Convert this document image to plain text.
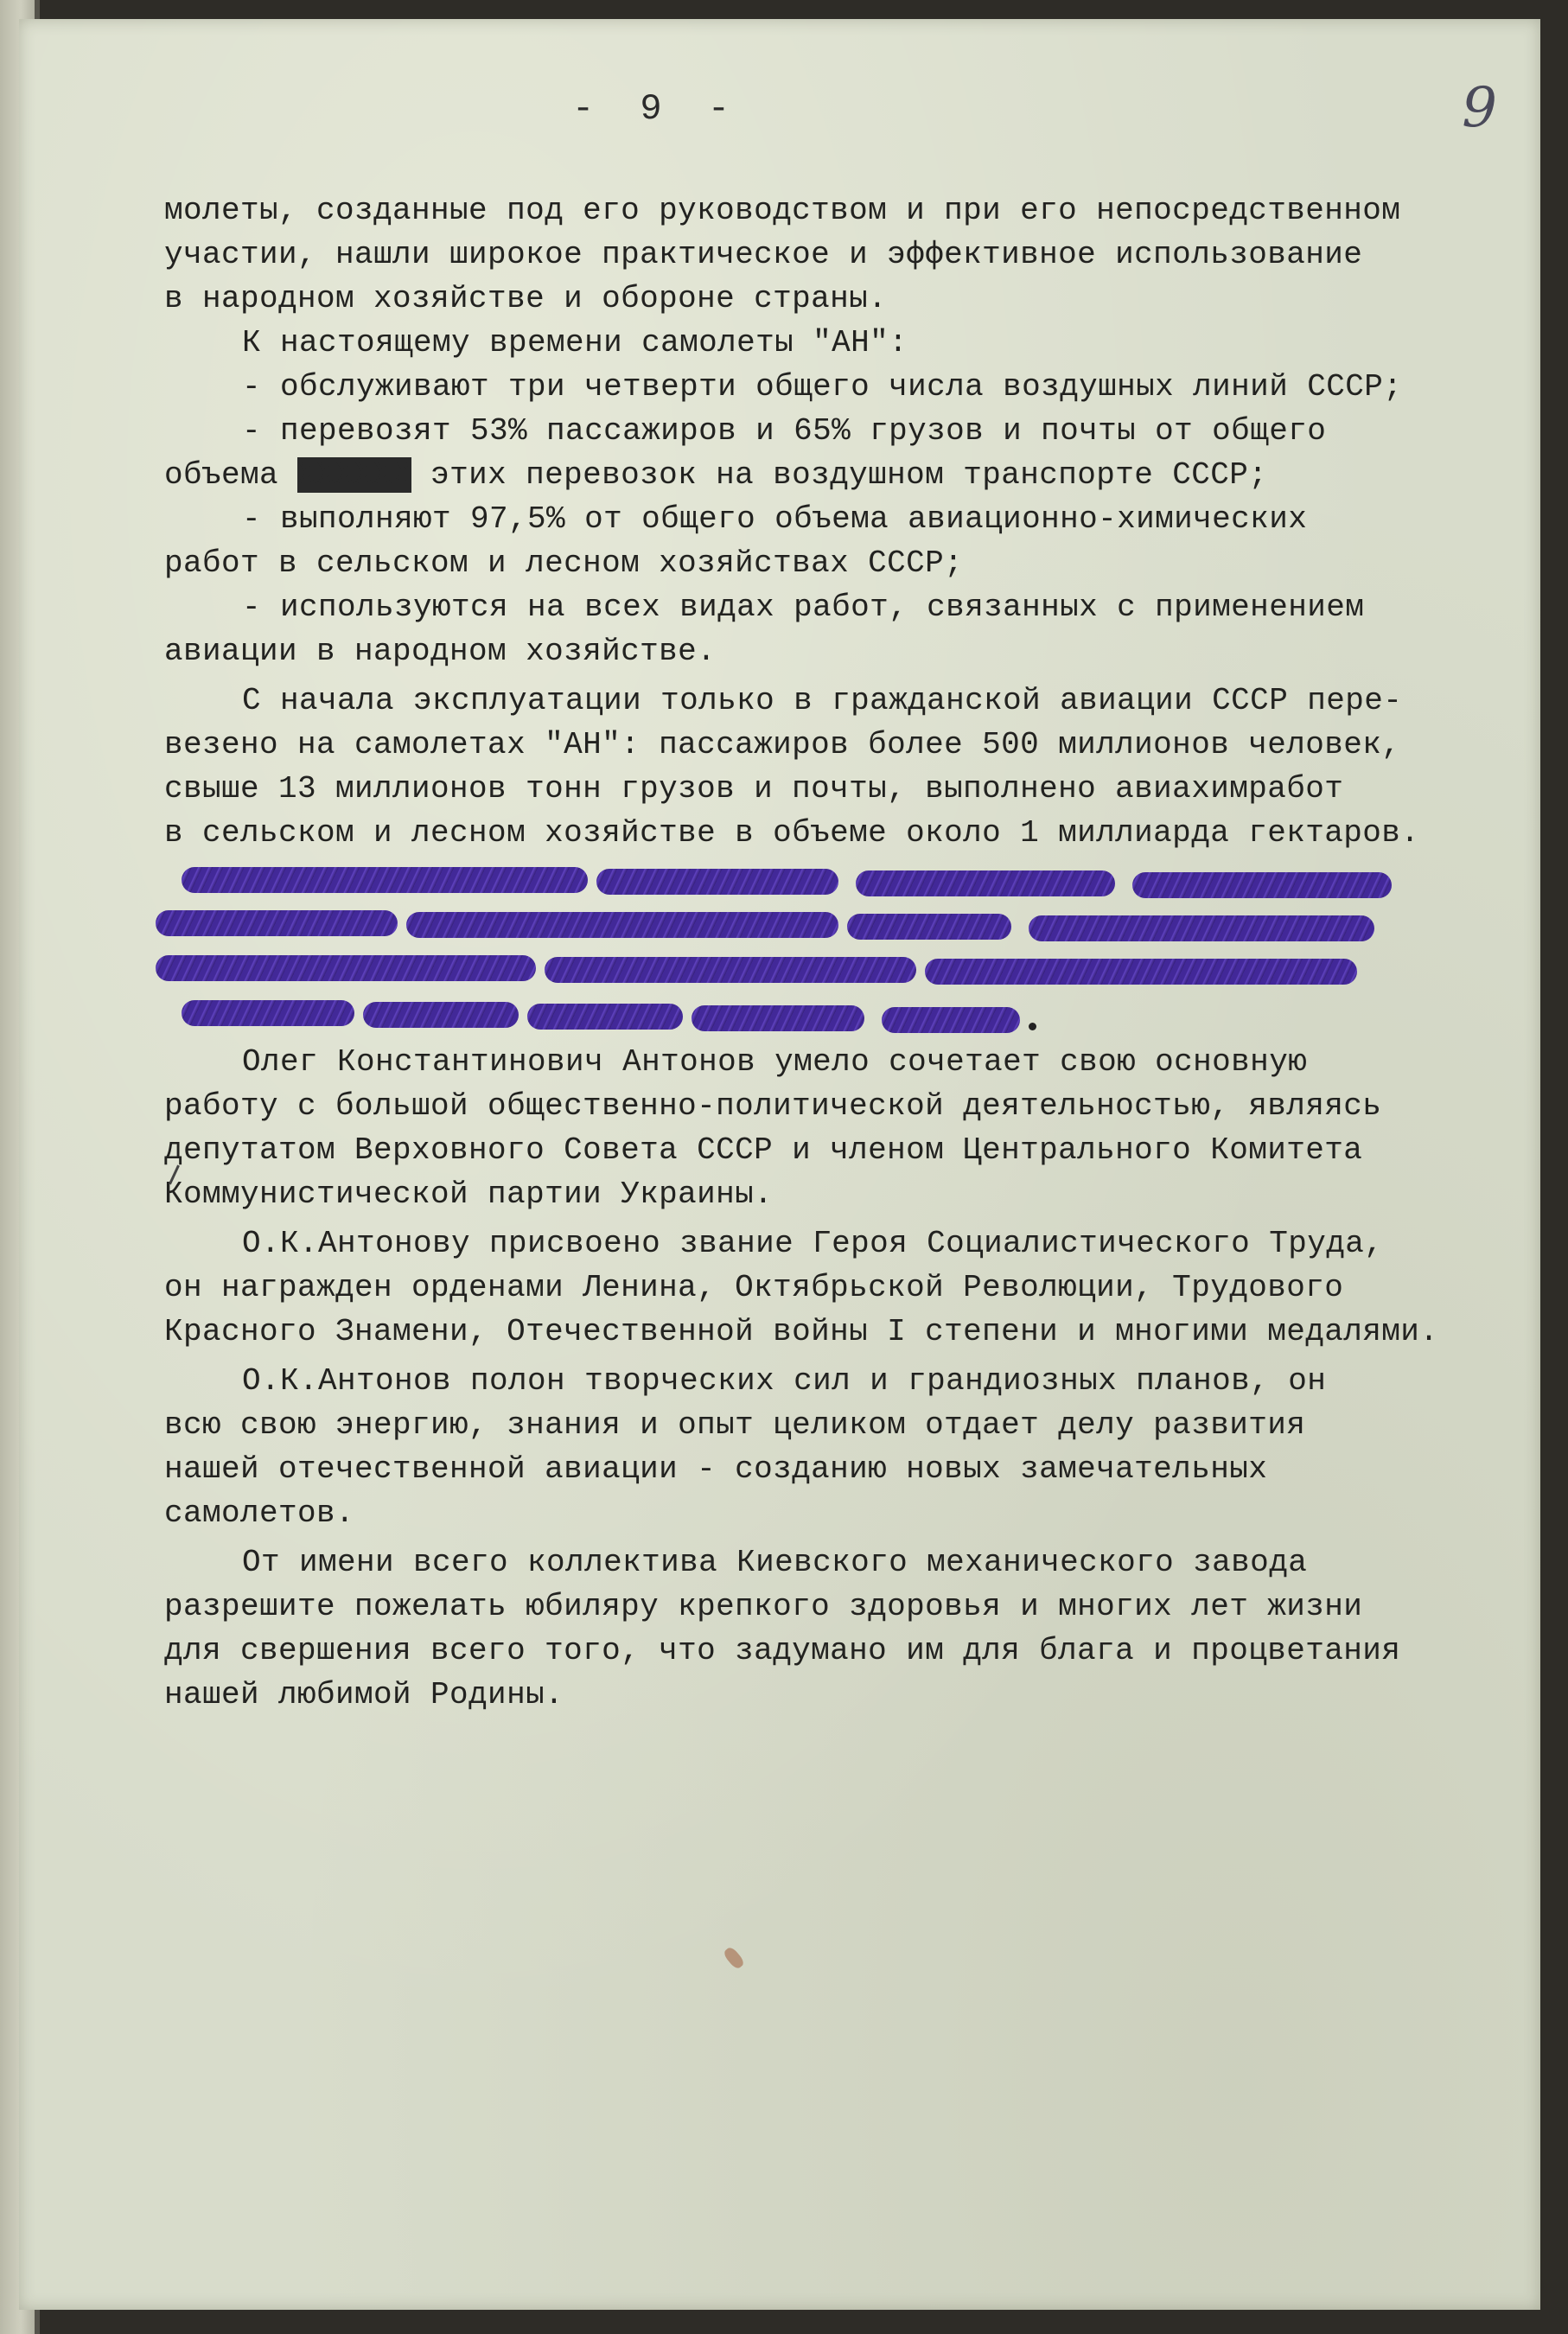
- 9 -	9
молеты, созданные под его руководством и при его непосредственном
участии, нашли широкое практическое и эффективное использование
в народном хозяйстве и обороне страны.
К настоящему времени самолеты "АН":
- обслуживают три четверти общего числа воздушных линий СССР;
- перевозят 53% пассажиров и 65% грузов и почты от общего
объема XXXXXX этих перевозок на воздушном транспорте СССР;
- выполняют 97,5% от общего объема авиационно-химических
работ в сельском и лесном хозяйствах СССР;
- используются на всех видах работ, связанных с применением
авиации в народном хозяйстве.
С начала эксплуатации только в гражданской авиации СССР пере-
везено на самолетах "АН": пассажиров более 500 миллионов человек,
свыше 13 миллионов тонн грузов и почты, выполнено авиахимработ
в сельском и лесном хозяйстве в объеме около 1 миллиарда гектаров.
Олег Константинович Антонов умело сочетает свою основную
работу с большой общественно-политической деятельностью, являясь
депутатом Верховного Совета СССР и членом Центрального Комитета
Коммунистической партии Украины.
О.К.Антонову присвоено звание Героя Социалистического Труда,
он награжден орденами Ленина, Октябрьской Революции, Трудового
Красного Знамени, Отечественной войны I степени и многими медалями.
О.К.Антонов полон творческих сил и грандиозных планов, он
всю свою энергию, знания и опыт целиком отдает делу развития
нашей отечественной авиации - созданию новых замечательных
самолетов.
От имени всего коллектива Киевского механического завода
разрешите пожелать юбиляру крепкого здоровья и многих лет жизни
для свершения всего того, что задумано им для блага и процветания
нашей любимой Родины.
